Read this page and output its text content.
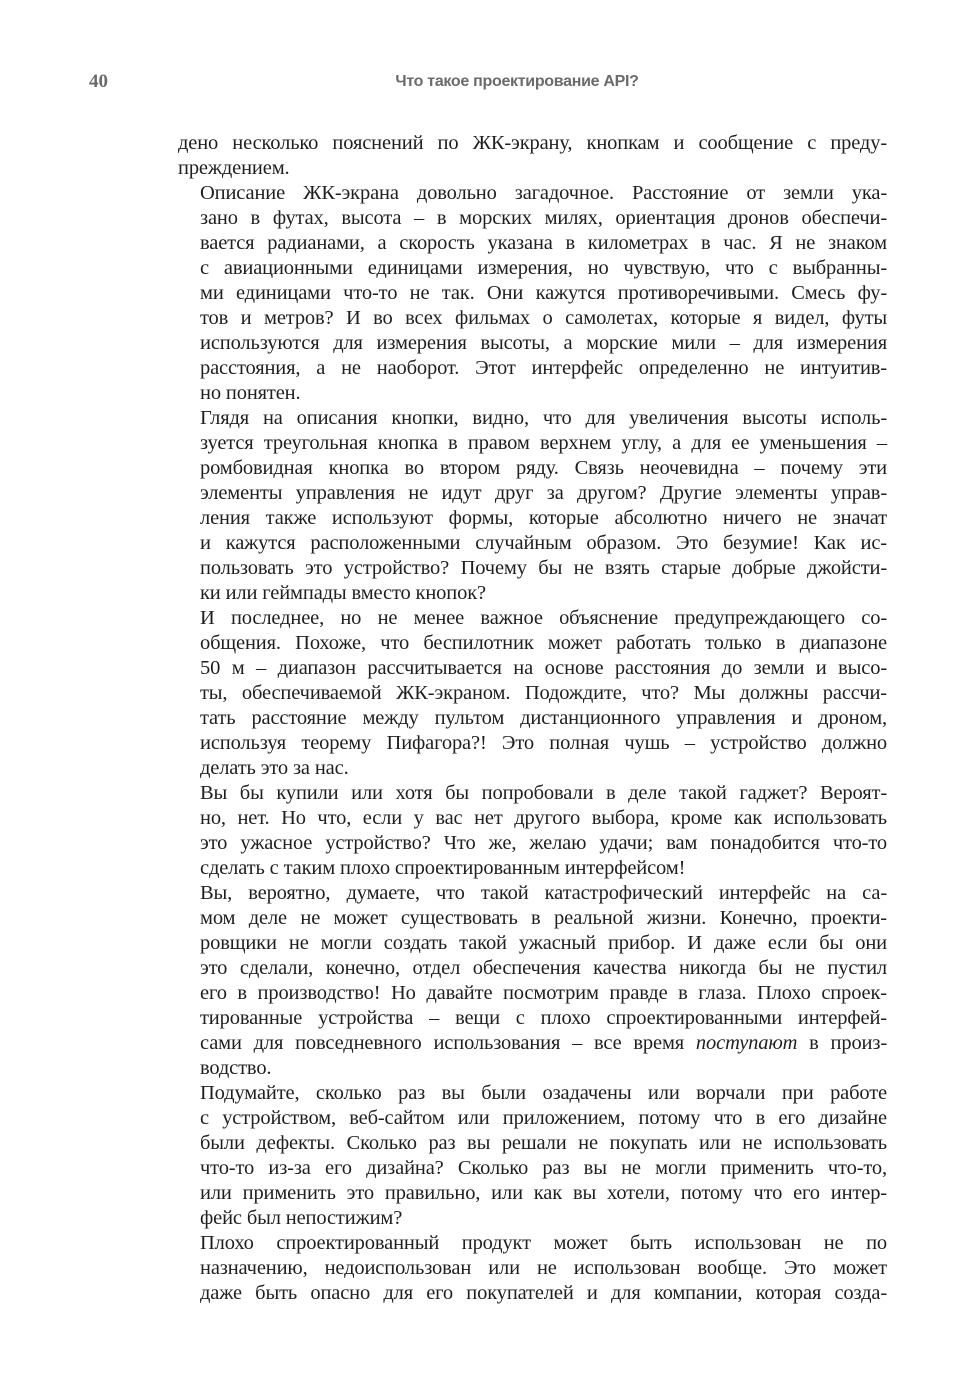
40	Что такое проектирование API?

дено несколько пояснений по ЖК-экрану, кнопкам и сообщение с преду-
преждением.

Описание ЖК-экрана довольно загадочное. Расстояние от земли ука-
зано в футах, высота – в морских милях, ориентация дронов обеспечи-
вается радианами, а скорость указана в километрах в час. Я не знаком
с авиационными единицами измерения, но чувствую, что с выбранны-
ми единицами что-то не так. Они кажутся противоречивыми. Смесь фу-
тов и метров? И во всех фильмах о самолетах, которые я видел, футы
используются для измерения высоты, а морские мили – для измерения
расстояния, а не наоборот. Этот интерфейс определенно не интуитив-
но понятен.

Глядя на описания кнопки, видно, что для увеличения высоты исполь-
зуется треугольная кнопка в правом верхнем углу, а для ее уменьшения –
ромбовидная кнопка во втором ряду. Связь неочевидна – почему эти
элементы управления не идут друг за другом? Другие элементы управ-
ления также используют формы, которые абсолютно ничего не значат
и кажутся расположенными случайным образом. Это безумие! Как ис-
пользовать это устройство? Почему бы не взять старые добрые джойсти-
ки или геймпады вместо кнопок?

И последнее, но не менее важное объяснение предупреждающего со-
общения. Похоже, что беспилотник может работать только в диапазоне
50 м – диапазон рассчитывается на основе расстояния до земли и высо-
ты, обеспечиваемой ЖК-экраном. Подождите, что? Мы должны рассчи-
тать расстояние между пультом дистанционного управления и дроном,
используя теорему Пифагора?! Это полная чушь – устройство должно
делать это за нас.

Вы бы купили или хотя бы попробовали в деле такой гаджет? Вероят-
но, нет. Но что, если у вас нет другого выбора, кроме как использовать
это ужасное устройство? Что же, желаю удачи; вам понадобится что-то
сделать с таким плохо спроектированным интерфейсом!

Вы, вероятно, думаете, что такой катастрофический интерфейс на са-
мом деле не может существовать в реальной жизни. Конечно, проекти-
ровщики не могли создать такой ужасный прибор. И даже если бы они
это сделали, конечно, отдел обеспечения качества никогда бы не пустил
его в производство! Но давайте посмотрим правде в глаза. Плохо спроек-
тированные устройства – вещи с плохо спроектированными интерфей-
сами для повседневного использования – все время поступают в произ-
водство.

Подумайте, сколько раз вы были озадачены или ворчали при работе
с устройством, веб-сайтом или приложением, потому что в его дизайне
были дефекты. Сколько раз вы решали не покупать или не использовать
что-то из-за его дизайна? Сколько раз вы не могли применить что-то,
или применить это правильно, или как вы хотели, потому что его интер-
фейс был непостижим?

Плохо спроектированный продукт может быть использован не по
назначению, недоиспользован или не использован вообще. Это может
даже быть опасно для его покупателей и для компании, которая созда-
